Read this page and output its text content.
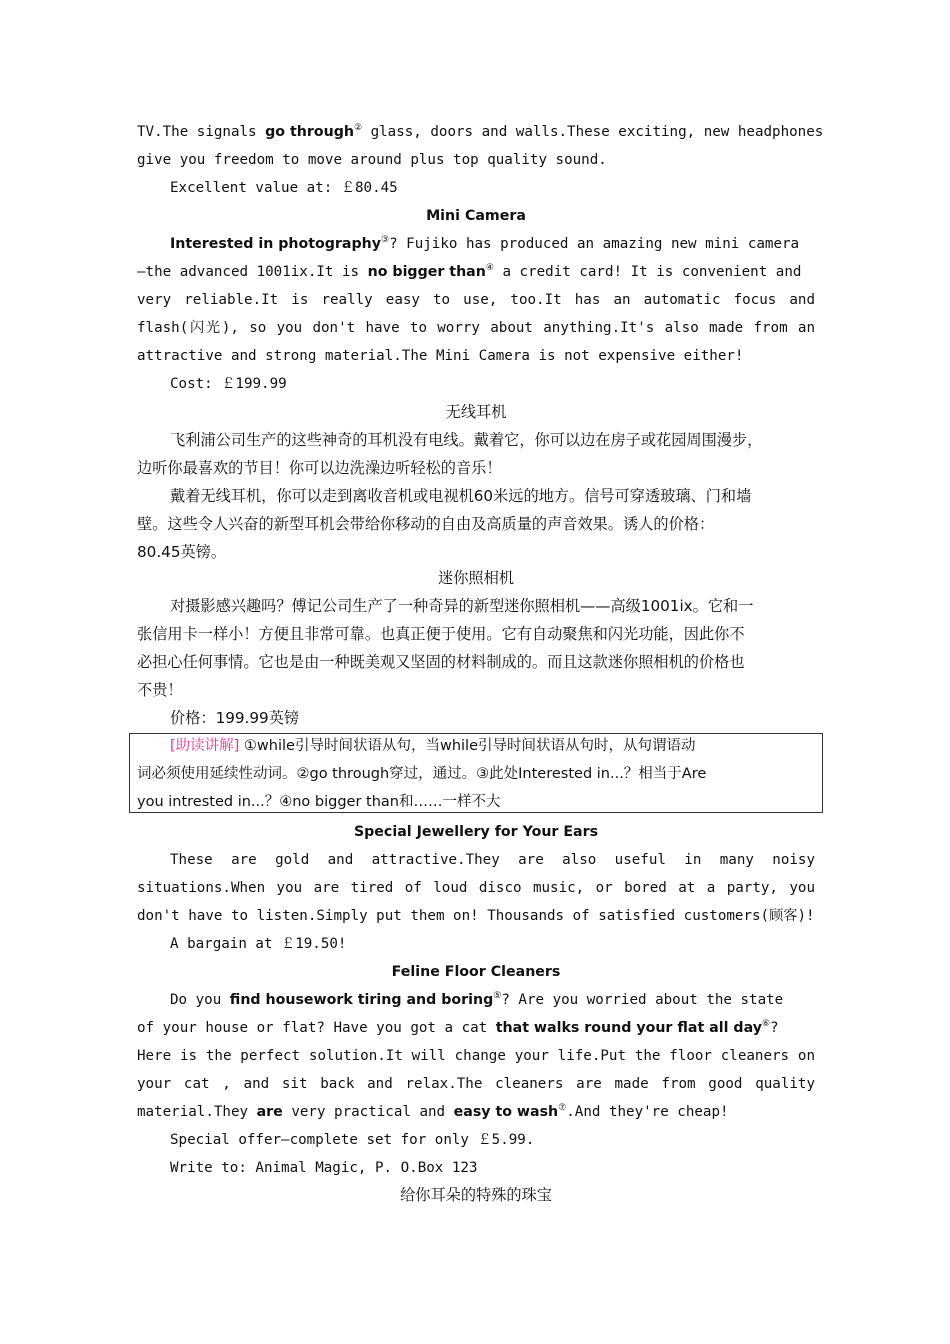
TV.The signals go through② glass, doors and walls.These exciting, new headphones
give you freedom to move around plus top quality sound.
Excellent value at: ￡80.45
Mini Camera
Interested in photography③? Fujiko has produced an amazing new mini camera
—the advanced 1001ix.It is no bigger than④ a credit card! It is convenient and
very reliable.It is really easy to use, too.It has an automatic focus and
flash(闪光), so you don't have to worry about anything.It's also made from an
attractive and strong material.The Mini Camera is not expensive either!
Cost: ￡199.99
无线耳机
飞利浦公司生产的这些神奇的耳机没有电线。戴着它，你可以边在房子或花园周围漫步，
边听你最喜欢的节目！你可以边洗澡边听轻松的音乐！
戴着无线耳机，你可以走到离收音机或电视机60米远的地方。信号可穿透玻璃、门和墙
壁。这些令人兴奋的新型耳机会带给你移动的自由及高质量的声音效果。诱人的价格：
80.45英镑。
迷你照相机
对摄影感兴趣吗？傅记公司生产了一种奇异的新型迷你照相机——高级1001ix。它和一
张信用卡一样小！方便且非常可靠。也真正便于使用。它有自动聚焦和闪光功能，因此你不
必担心任何事情。它也是由一种既美观又坚固的材料制成的。而且这款迷你照相机的价格也
不贵！
价格：199.99英镑
[助读讲解] ①while引导时间状语从句，当while引导时间状语从句时，从句谓语动
词必须使用延续性动词。②go through穿过，通过。③此处Interested in...？相当于Are
you intrested in...？④no bigger than和……一样不大
Special Jewellery for Your Ears
These are gold and attractive.They are also useful in many noisy
situations.When you are tired of loud disco music, or bored at a party, you
don't have to listen.Simply put them on! Thousands of satisfied customers(顾客)!
A bargain at ￡19.50!
Feline Floor Cleaners
Do you find housework tiring and boring⑤? Are you worried about the state
of your house or flat? Have you got a cat that walks round your flat all day⑥?
Here is the perfect solution.It will change your life.Put the floor cleaners on
your cat , and sit back and relax.The cleaners are made from good quality
material.They are very practical and easy to wash⑦.And they're cheap!
Special offer—complete set for only ￡5.99.
Write to: Animal Magic, P. O.Box 123
给你耳朵的特殊的珠宝
